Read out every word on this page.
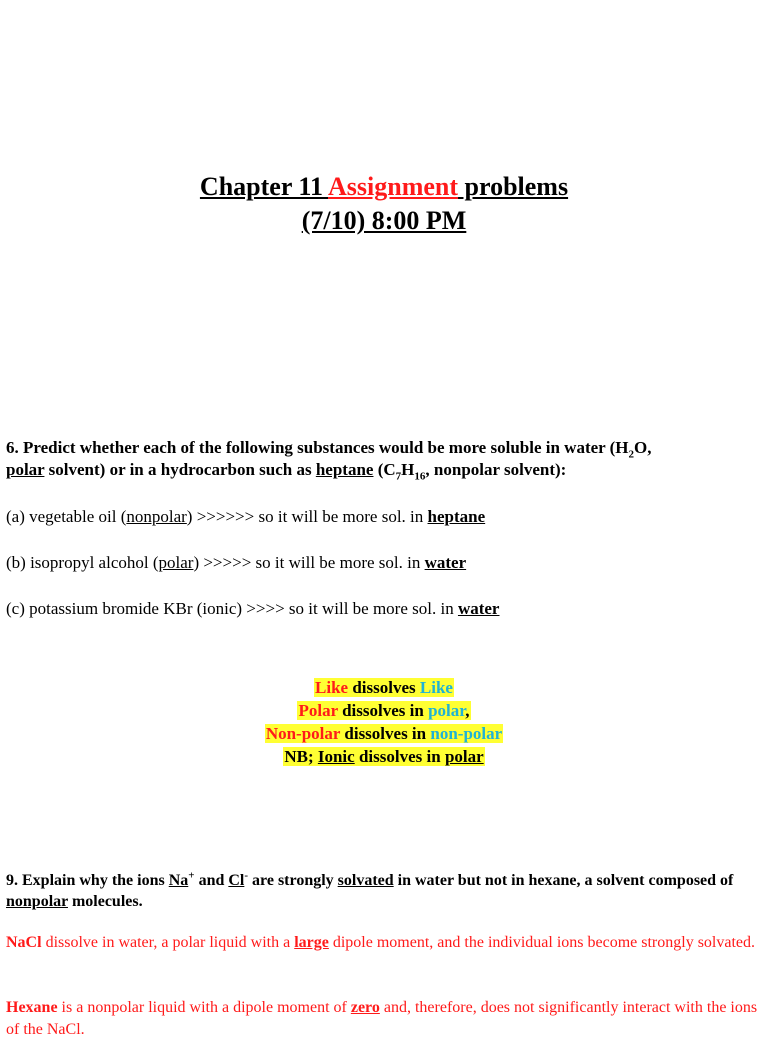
Chapter 11 Assignment problems
(7/10) 8:00 PM
6. Predict whether each of the following substances would be more soluble in water ($H_2O$,
polar solvent) or in a hydrocarbon such as heptane ($C_7H_{16}$, nonpolar solvent):
(a) vegetable oil (nonpolar) >>>>>> so it will be more sol. in heptane
(b) isopropyl alcohol (polar) >>>>> so it will be more sol. in water
(c) potassium bromide KBr (ionic) >>>> so it will be more sol. in water
Like dissolves Like
Polar dissolves in polar,
Non-polar dissolves in non-polar
NB; Ionic dissolves in polar
9. Explain why the ions Na+ and Cl- are strongly solvated in water but not in hexane, a solvent composed of nonpolar molecules.
NaCl dissolve in water, a polar liquid with a large dipole moment, and the individual ions become strongly solvated.
Hexane is a nonpolar liquid with a dipole moment of zero and, therefore, does not significantly interact with the ions of the NaCl.
